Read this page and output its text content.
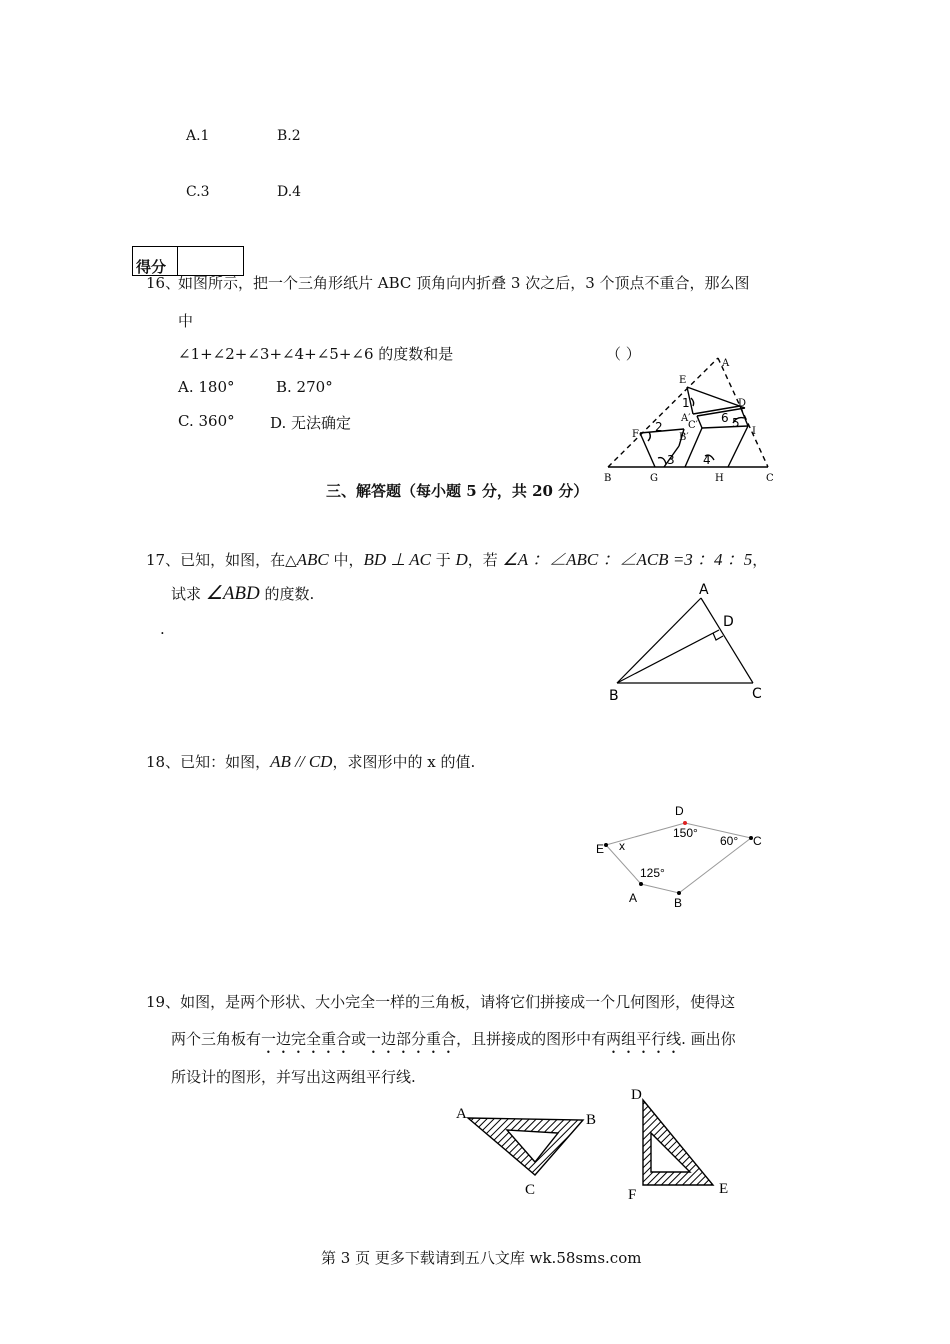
A.1	B.2
C.3	D.4
得分
16、
如图所示，把一个三角形纸片 ABC 顶角向内折叠 3 次之后，3 个顶点不重合，那么图
中
∠1+∠2+∠3+∠4+∠5+∠6 的度数和是	（ ）
A. 180°	B. 270°
C. 360° D. 无法确定
A
B	C
D
E
F
G	H
I
A′
C′
B′
1
2
3 4
5
6
三、解答题（每小题 5 分，共 20 分）
17、已知，如图，在△ABC 中，BD ⊥ AC 于 D，若 ∠A ：∠ABC ：∠ACB =3 ：4 ：5，
试求 ∠ABD 的度数.
.
A
D
B	C
18、已知：如图，AB // CD，求图形中的 x 的值.
D
150°
60° C
E x
125°
A	B
19、如图，是两个形状、大小完全一样的三角板，请将它们拼接成一个几何图形，使得这
两个三角板有一边完全重合或一边部分重合，且拼接成的图形中有两组平行线. 画出你
所设计的图形，并写出这两组平行线.
A	B
C
D
E
F
第 3 页 更多下载请到五八文库 wk.58sms.com
